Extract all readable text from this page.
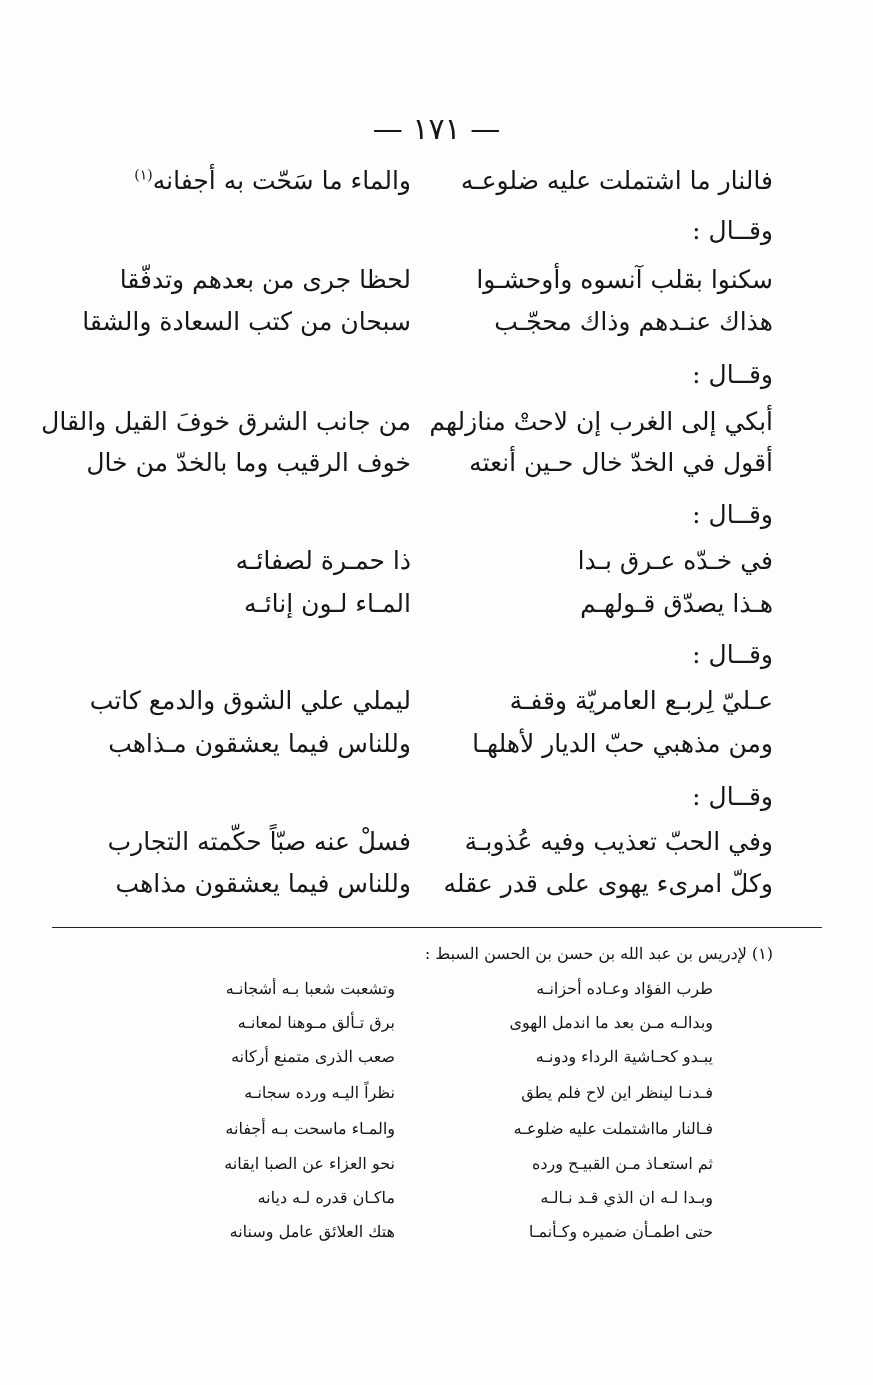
— ١٧١ —
فالنار ما اشتملت عليه ضلوعـه
والماء ما سَحّت به أجفانه$^{(١)}$
وقــال :
سكنوا بقلب آنسوه وأوحشـوا
لحظا جرى من بعدهم وتدفّقا
هذاك عنـدهم وذاك محجّـب
سبحان من كتب السعادة والشقا
وقــال :
أبكي إلى الغرب إن لاحتْ منازلهم
من جانب الشرق خوفَ القيل والقال
أقول في الخدّ خال حـين أنعته
خوف الرقيب وما بالخدّ من خال
وقــال :
في خـدّه عـرق بـدا
ذا حمـرة لصفائـه
هـذا يصدّق قـولهـم
المـاء لـون إنائـه
وقــال :
عـليّ لِربـع العامريّة وقفـة
ليملي علي الشوق والدمع كاتب
ومن مذهبي حبّ الديار لأهلهـا
وللناس فيما يعشقون مـذاهب
وقــال :
وفي الحبّ تعذيب وفيه عُذوبـة
فسلْ عنه صبّاً حكّمته التجارب
وكلّ امرىء يهوى على قدر عقله
وللناس فيما يعشقون مذاهب
(١) لإدريس بن عبد الله بن حسن بن الحسن السبط :
طرب الفؤاد وعـاده أحزانـه
وتشعبت شعبا بـه أشجانـه
وبدالـه مـن بعد ما اندمل الهوى
برق تـألق مـوهنا لمعانـه
يبـدو كحـاشية الرداء ودونـه
صعب الذرى متمنع أركانه
فـدنـا لينظر اين لاح فلم يطق
نظراً اليـه ورده سجانـه
فـالنار مااشتملت عليه ضلوعـه
والمـاء ماسحت بـه أجفانه
ثم استعـاذ مـن القبيـح ورده
نحو العزاء عن الصبا ايقانه
وبـدا لـه ان الذي قـد نـالـه
ماكـان قدره لـه ديانه
حتى اطمـأن ضميره وكـأنمـا
هتك العلائق عامل وسنانه
